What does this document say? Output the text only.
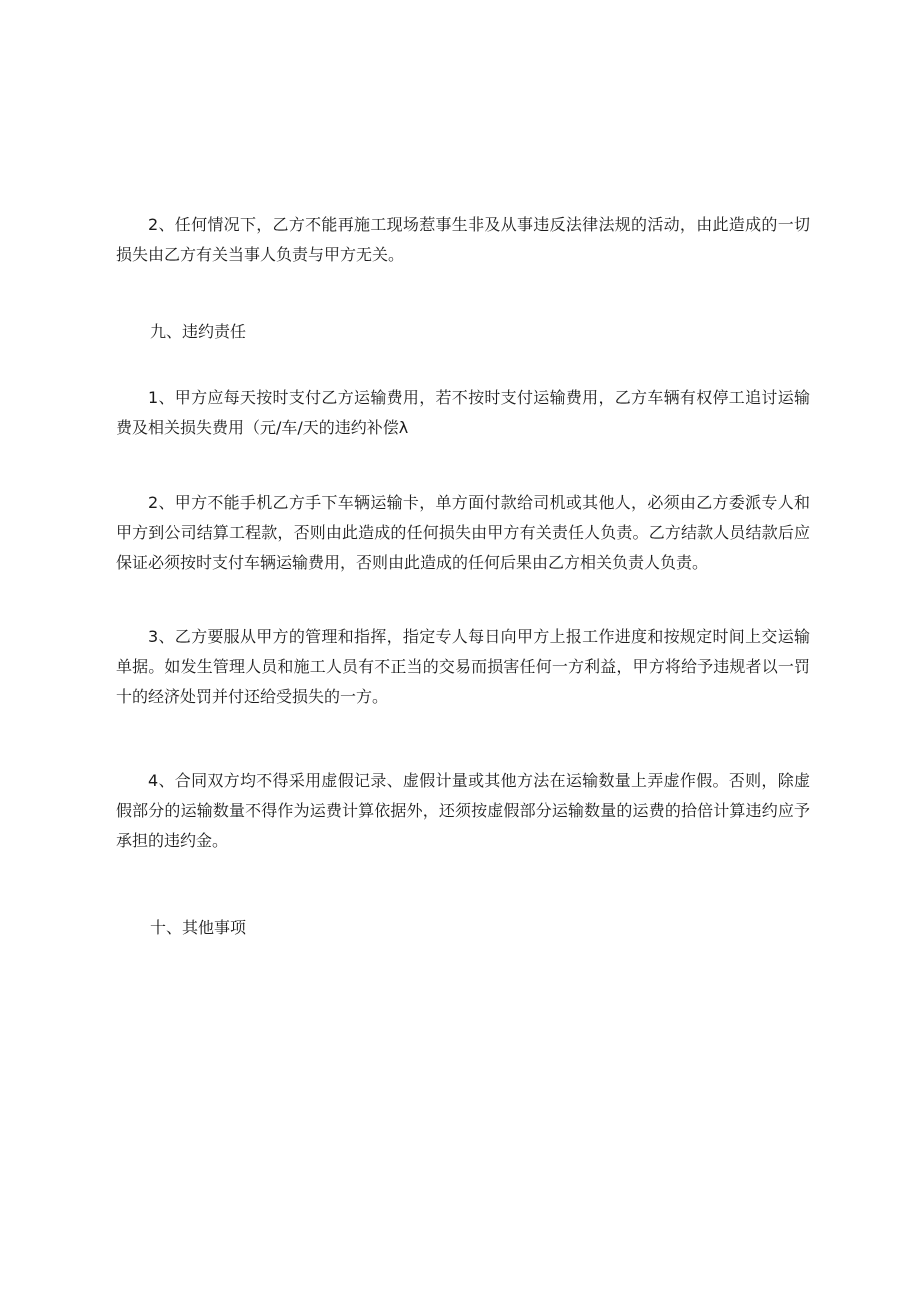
2、任何情况下，乙方不能再施工现场惹事生非及从事违反法律法规的活动，由此造成的一切损失由乙方有关当事人负责与甲方无关。

九、违约责任

1、甲方应每天按时支付乙方运输费用，若不按时支付运输费用，乙方车辆有权停工追讨运输费及相关损失费用（元/车/天的违约补偿λ

2、甲方不能手机乙方手下车辆运输卡，单方面付款给司机或其他人，必须由乙方委派专人和甲方到公司结算工程款，否则由此造成的任何损失由甲方有关责任人负责。乙方结款人员结款后应保证必须按时支付车辆运输费用，否则由此造成的任何后果由乙方相关负责人负责。

3、乙方要服从甲方的管理和指挥，指定专人每日向甲方上报工作进度和按规定时间上交运输单据。如发生管理人员和施工人员有不正当的交易而损害任何一方利益，甲方将给予违规者以一罚十的经济处罚并付还给受损失的一方。

4、合同双方均不得采用虚假记录、虚假计量或其他方法在运输数量上弄虚作假。否则，除虚假部分的运输数量不得作为运费计算依据外，还须按虚假部分运输数量的运费的拾倍计算违约应予承担的违约金。

十、其他事项
